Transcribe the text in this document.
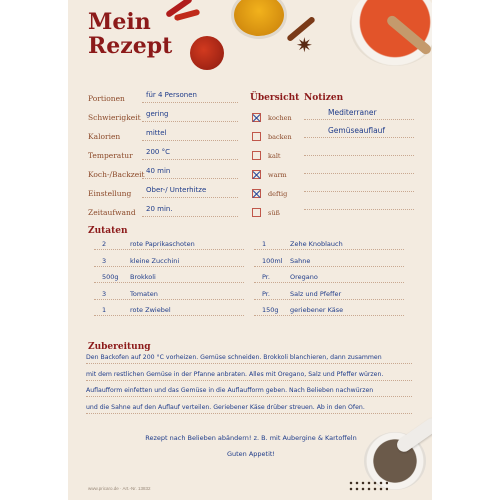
✷
Mein
Rezept
Portionen	für 4 Personen
Schwierigkeit gering
Kalorien	mittel
Temperatur 200 °C
Koch-/Backzeit 40 min
Einstellung Ober-/ Unterhitze
Zeitaufwand 20 min.
Übersicht
kochen
backen
kalt
warm
deftig
süß
Notizen
Mediterraner
Gemüseauflauf
Zutaten
2	rote Paprikaschoten
3	kleine Zucchini
500g Brokkoli
3	Tomaten
1	rote Zwiebel
1	Zehe Knoblauch
100ml Sahne
Pr.	Oregano
Pr.	Salz und Pfeffer
150g geriebener Käse
Zubereitung
Den Backofen auf 200 °C vorheizen. Gemüse schneiden. Brokkoli blanchieren, dann zusammen
mit dem restlichen Gemüse in der Pfanne anbraten. Alles mit Oregano, Salz und Pfeffer würzen.
Auflaufform einfetten und das Gemüse in die Auflaufform geben. Nach Belieben nachwürzen
und die Sahne auf den Auflauf verteilen. Geriebener Käse drüber streuen. Ab in den Ofen.
Rezept nach Belieben abändern! z. B. mit Aubergine & Kartoffeln
Guten Appetit!
www.pricaro.de · Art.-Nr. 13832
